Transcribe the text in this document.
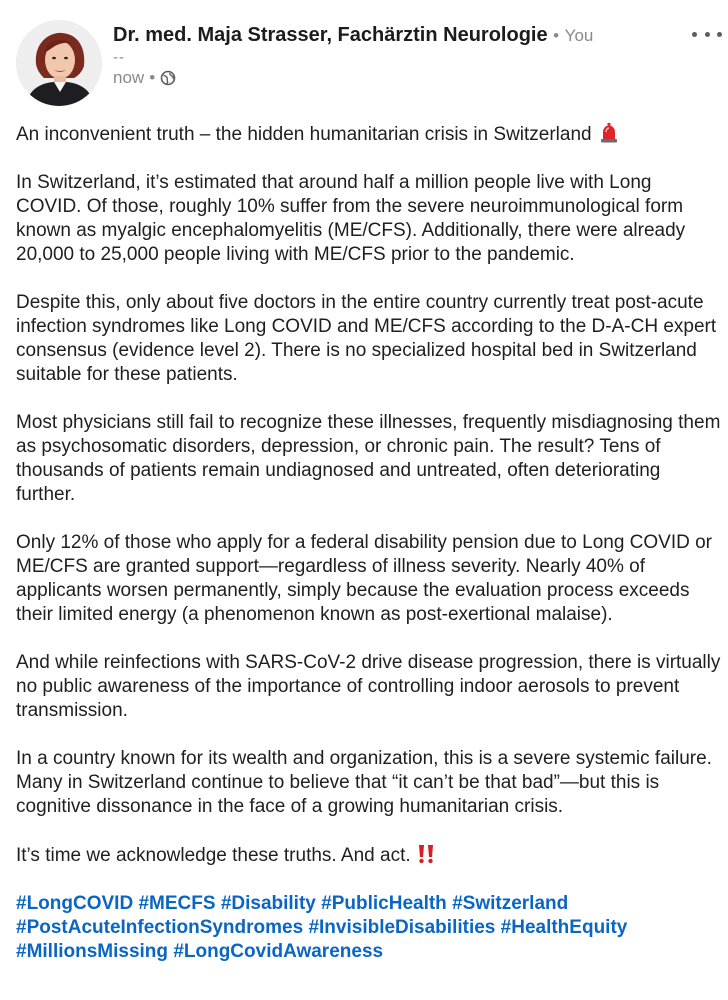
Dr. med. Maja Strasser, Fachärztin Neurologie • You
--
now •

An inconvenient truth – the hidden humanitarian crisis in Switzerland

In Switzerland, it’s estimated that around half a million people live with Long COVID. Of those, roughly 10% suffer from the severe neuroimmunological form known as myalgic encephalomyelitis (ME/CFS). Additionally, there were already 20,000 to 25,000 people living with ME/CFS prior to the pandemic.

Despite this, only about five doctors in the entire country currently treat post-acute infection syndromes like Long COVID and ME/CFS according to the D-A-CH expert consensus (evidence level 2). There is no specialized hospital bed in Switzerland suitable for these patients.

Most physicians still fail to recognize these illnesses, frequently misdiagnosing them as psychosomatic disorders, depression, or chronic pain. The result? Tens of thousands of patients remain undiagnosed and untreated, often deteriorating further.

Only 12% of those who apply for a federal disability pension due to Long COVID or ME/CFS are granted support—regardless of illness severity. Nearly 40% of applicants worsen permanently, simply because the evaluation process exceeds their limited energy (a phenomenon known as post-exertional malaise).

And while reinfections with SARS-CoV-2 drive disease progression, there is virtually no public awareness of the importance of controlling indoor aerosols to prevent transmission.

In a country known for its wealth and organization, this is a severe systemic failure. Many in Switzerland continue to believe that “it can’t be that bad”—but this is cognitive dissonance in the face of a growing humanitarian crisis.

It’s time we acknowledge these truths. And act.

#LongCOVID #MECFS #Disability #PublicHealth #Switzerland #PostAcuteInfectionSyndromes #InvisibleDisabilities #HealthEquity #MillionsMissing #LongCovidAwareness
